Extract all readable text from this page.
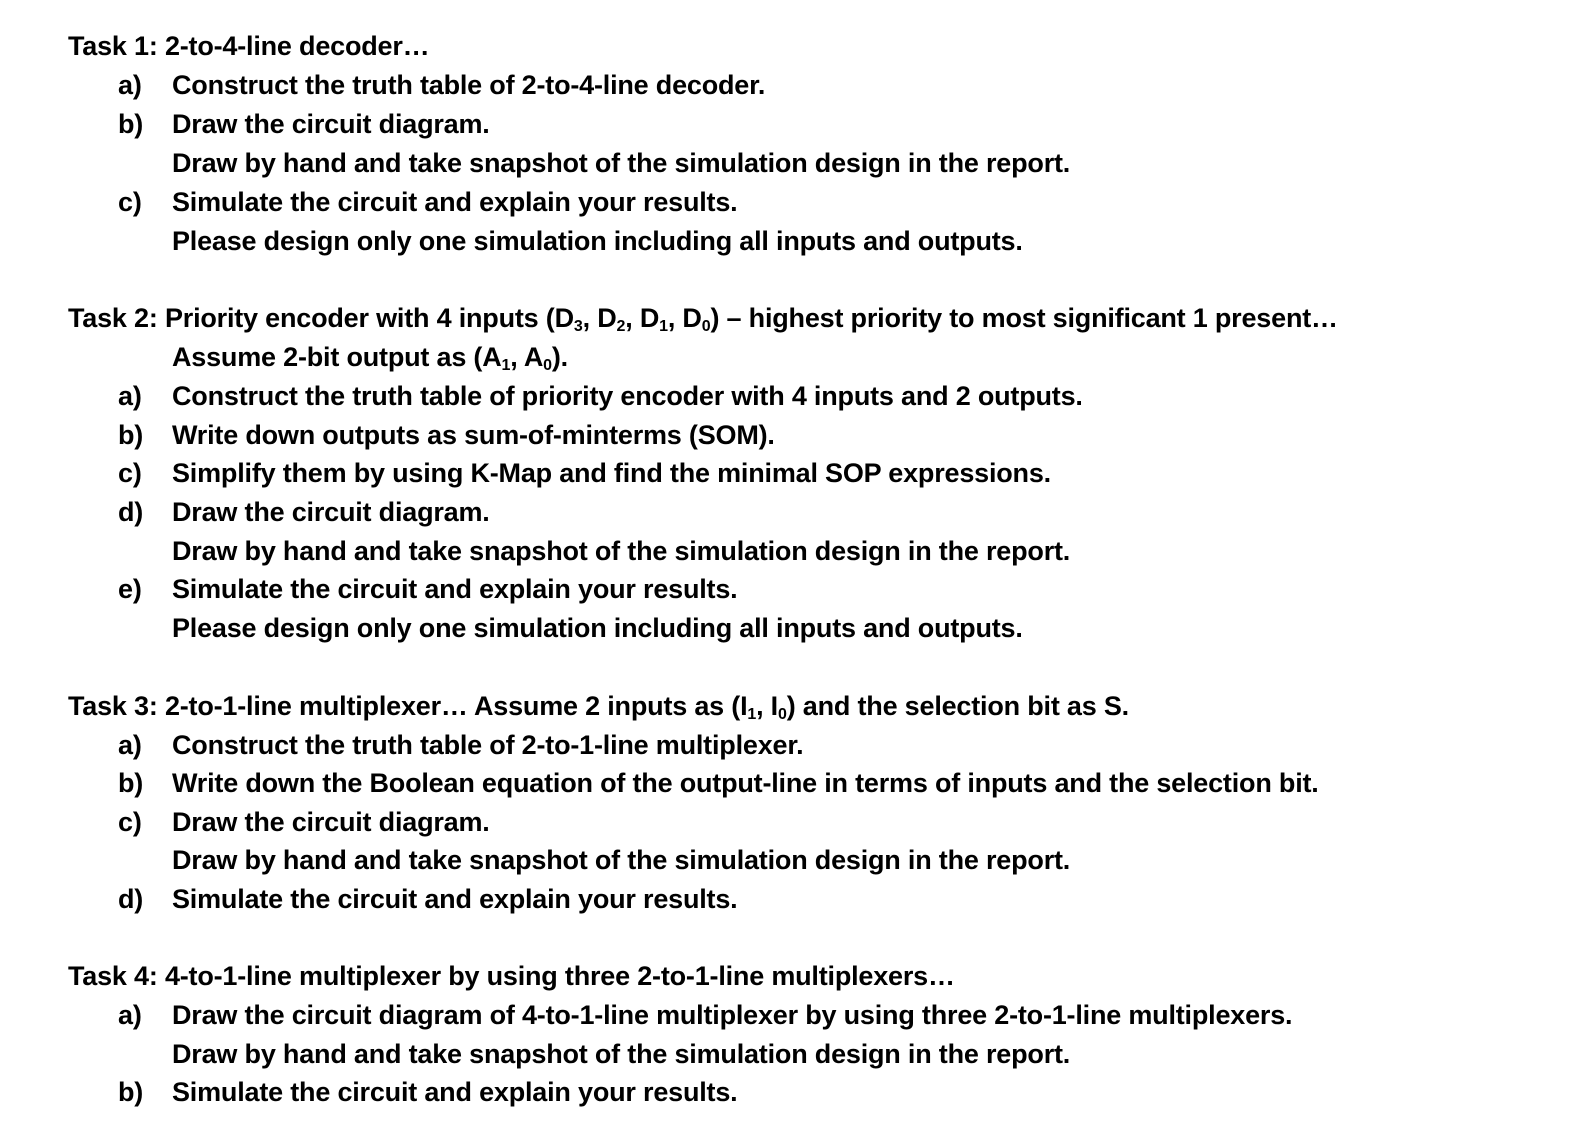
Task 1: 2-to-4-line decoder…
a) Construct the truth table of 2-to-4-line decoder.
b) Draw the circuit diagram.
Draw by hand and take snapshot of the simulation design in the report.
c) Simulate the circuit and explain your results.
Please design only one simulation including all inputs and outputs.
Task 2: Priority encoder with 4 inputs ($D_3$, $D_2$, $D_1$, $D_0$) – highest priority to most significant 1 present…
Assume 2-bit output as ($A_1$, $A_0$).
a) Construct the truth table of priority encoder with 4 inputs and 2 outputs.
b) Write down outputs as sum-of-minterms (SOM).
c) Simplify them by using K-Map and find the minimal SOP expressions.
d) Draw the circuit diagram.
Draw by hand and take snapshot of the simulation design in the report.
e) Simulate the circuit and explain your results.
Please design only one simulation including all inputs and outputs.
Task 3: 2-to-1-line multiplexer… Assume 2 inputs as ($I_1$, $I_0$) and the selection bit as S.
a) Construct the truth table of 2-to-1-line multiplexer.
b) Write down the Boolean equation of the output-line in terms of inputs and the selection bit.
c) Draw the circuit diagram.
Draw by hand and take snapshot of the simulation design in the report.
d) Simulate the circuit and explain your results.
Task 4: 4-to-1-line multiplexer by using three 2-to-1-line multiplexers…
a) Draw the circuit diagram of 4-to-1-line multiplexer by using three 2-to-1-line multiplexers.
Draw by hand and take snapshot of the simulation design in the report.
b) Simulate the circuit and explain your results.
